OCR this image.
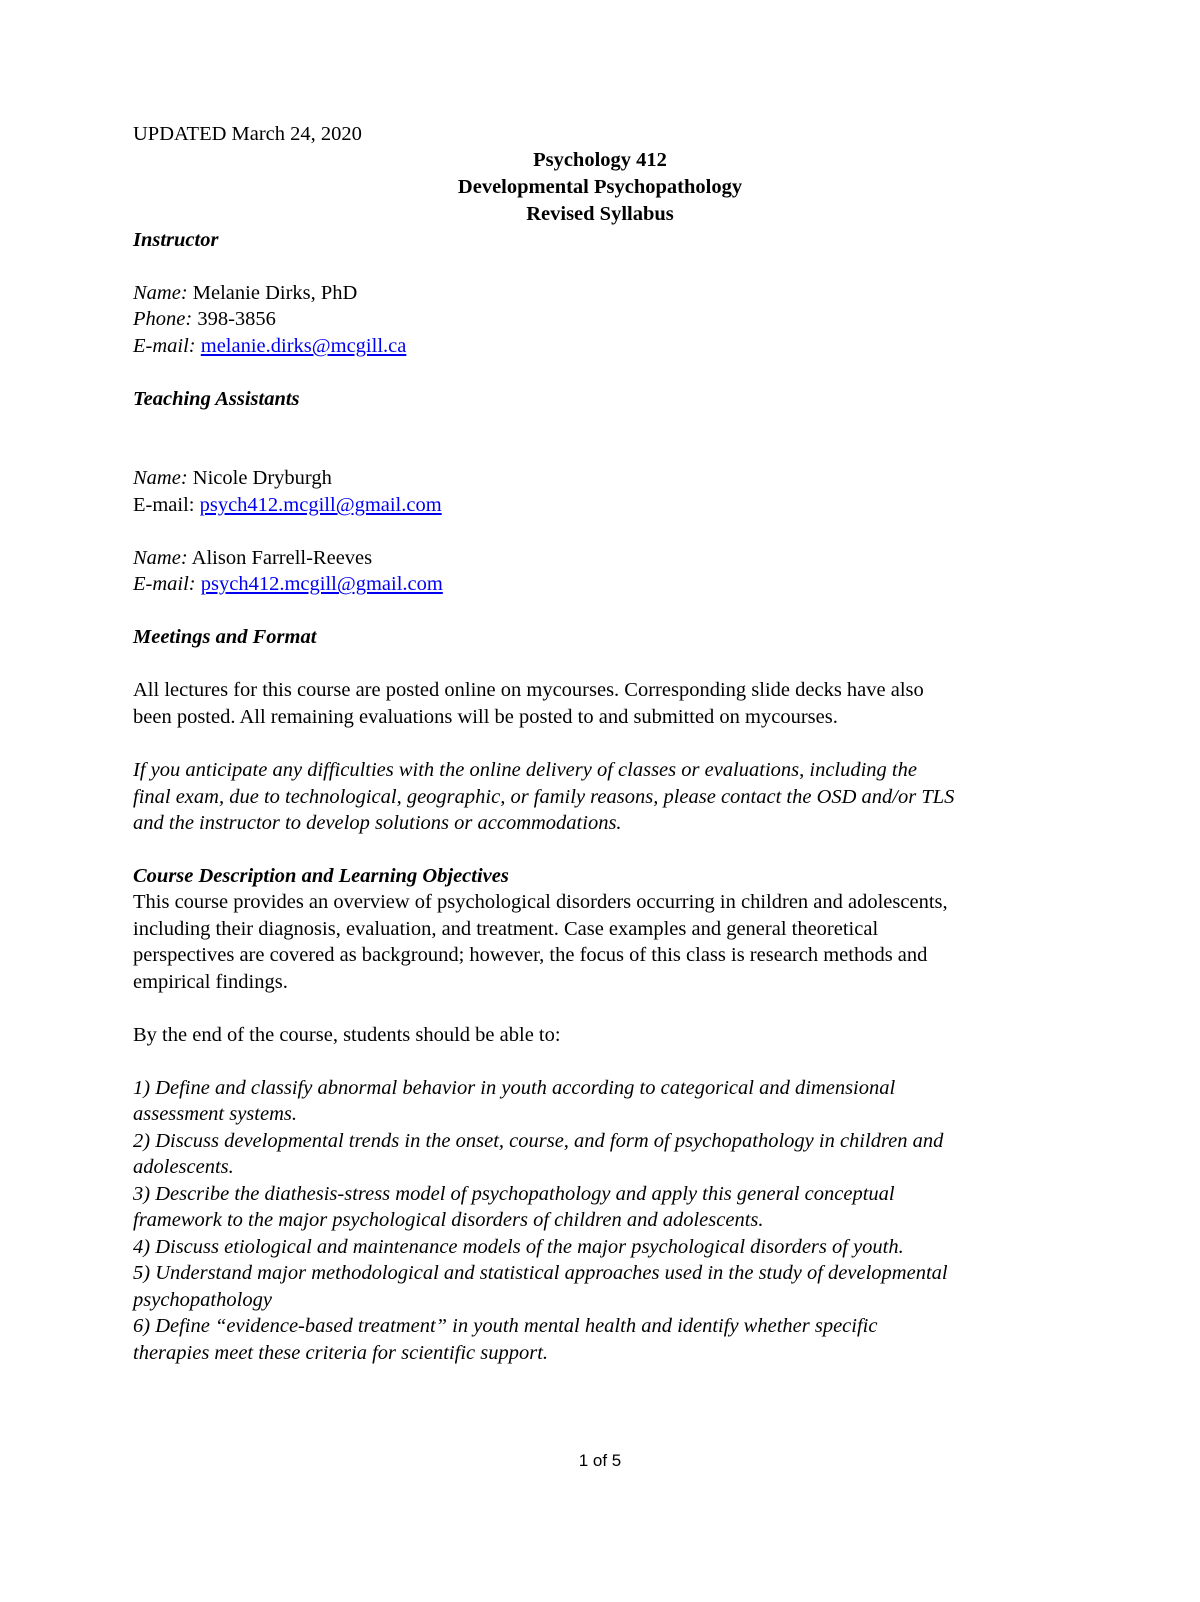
UPDATED March 24, 2020
Psychology 412
Developmental Psychopathology
Revised Syllabus
Instructor
Name: Melanie Dirks, PhD
Phone: 398-3856
E-mail: melanie.dirks@mcgill.ca
Teaching Assistants
Name: Nicole Dryburgh
E-mail: psych412.mcgill@gmail.com
Name: Alison Farrell-Reeves
E-mail: psych412.mcgill@gmail.com
Meetings and Format
All lectures for this course are posted online on mycourses. Corresponding slide decks have also
been posted. All remaining evaluations will be posted to and submitted on mycourses.
If you anticipate any difficulties with the online delivery of classes or evaluations, including the
final exam, due to technological, geographic, or family reasons, please contact the OSD and/or TLS
and the instructor to develop solutions or accommodations.
Course Description and Learning Objectives
This course provides an overview of psychological disorders occurring in children and adolescents,
including their diagnosis, evaluation, and treatment. Case examples and general theoretical
perspectives are covered as background; however, the focus of this class is research methods and
empirical findings.
By the end of the course, students should be able to:
1) Define and classify abnormal behavior in youth according to categorical and dimensional
assessment systems.
2) Discuss developmental trends in the onset, course, and form of psychopathology in children and
adolescents.
3) Describe the diathesis-stress model of psychopathology and apply this general conceptual
framework to the major psychological disorders of children and adolescents.
4) Discuss etiological and maintenance models of the major psychological disorders of youth.
5) Understand major methodological and statistical approaches used in the study of developmental
psychopathology
6) Define “evidence-based treatment” in youth mental health and identify whether specific
therapies meet these criteria for scientific support.
1 of 5
